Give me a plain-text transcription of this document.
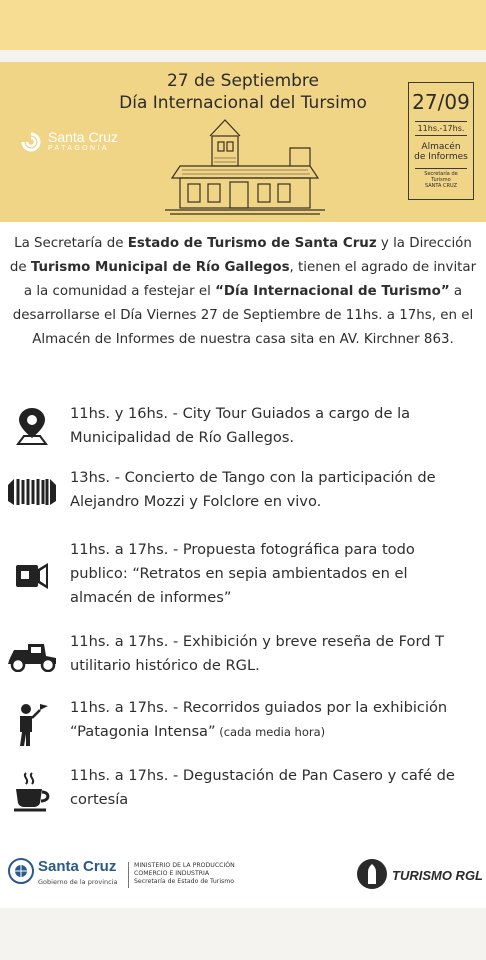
27 de Septiembre
Día Internacional del Tursimo
Santa Cruz
PATAGONIA
27/09
11hs.-17hs.
Almacén
de Informes
Secretaría de Turismo
SANTA CRUZ

La Secretaría de Estado de Turismo de Santa Cruz y la Dirección de Turismo Municipal de Río Gallegos, tienen el agrado de invitar a la comunidad a festejar el “Día Internacional de Turismo” a desarrollarse el Día Viernes 27 de Septiembre de 11hs. a 17hs, en el Almacén de Informes de nuestra casa sita en AV. Kirchner 863.

11hs. y 16hs. - City Tour Guiados a cargo de la Municipalidad de Río Gallegos.
13hs. - Concierto de Tango con la participación de Alejandro Mozzi y Folclore en vivo.
11hs. a 17hs. - Propuesta fotográfica para todo publico: “Retratos en sepia ambientados en el almacén de informes”
11hs. a 17hs. - Exhibición y breve reseña de Ford T utilitario histórico de RGL.
11hs. a 17hs. - Recorridos guiados por la exhibición “Patagonia Intensa” (cada media hora)
11hs. a 17hs. - Degustación de Pan Casero y café de cortesía
Santa Cruz
Gobierno de la provincia
MINISTERIO DE LA PRODUCCIÓN
COMERCIO E INDUSTRIA
Secretaría de Estado de Turismo	TURISMO RGL
